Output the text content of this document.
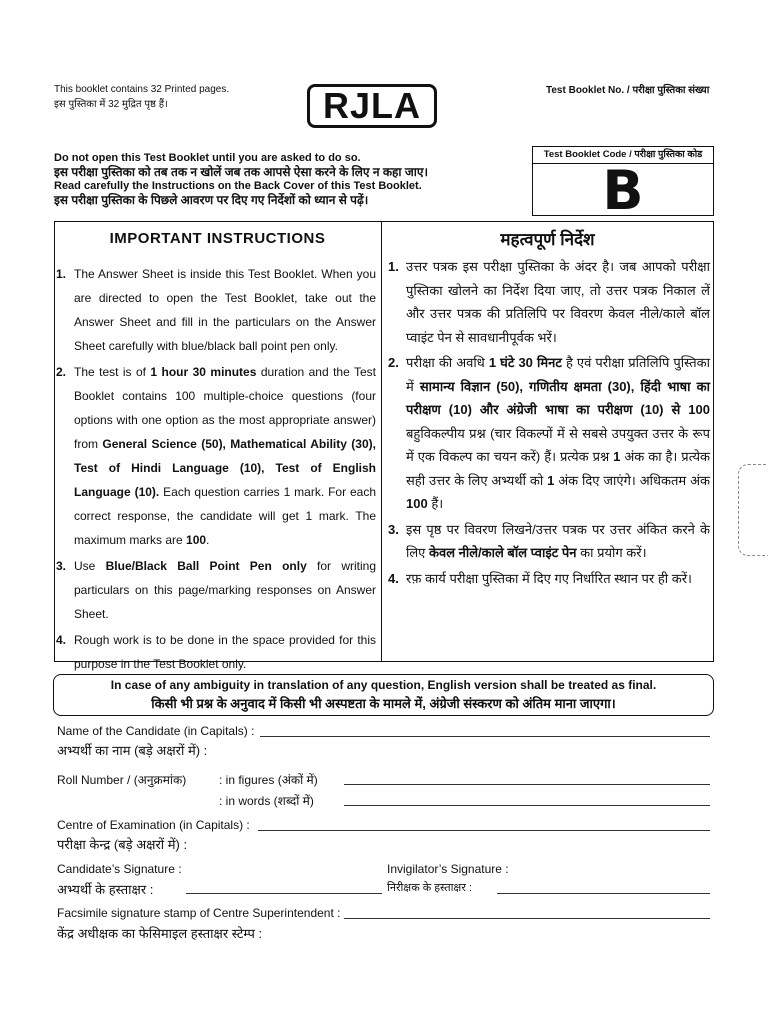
This booklet contains 32 Printed pages.
इस पुस्तिका में 32 मुद्रित पृष्ठ हैं।	RJLA	Test Booklet No. / परीक्षा पुस्तिका संख्या
Do not open this Test Booklet until you are asked to do so.
इस परीक्षा पुस्तिका को तब तक न खोलें जब तक आपसे ऐसा करने के लिए न कहा जाए।
Read carefully the Instructions on the Back Cover of this Test Booklet.
इस परीक्षा पुस्तिका के पिछले आवरण पर दिए गए निर्देशों को ध्यान से पढ़ें।
Test Booklet Code / परीक्षा पुस्तिका कोड
B
IMPORTANT INSTRUCTIONS	महत्वपूर्ण निर्देश
1. The Answer Sheet is inside this Test Booklet. When you are directed to open the Test Booklet, take out the Answer Sheet and fill in the particulars on the Answer Sheet carefully with blue/black ball point pen only.
2. The test is of 1 hour 30 minutes duration and the Test Booklet contains 100 multiple-choice questions (four options with one option as the most appropriate answer) from General Science (50), Mathematical Ability (30), Test of Hindi Language (10), Test of English Language (10). Each question carries 1 mark. For each correct response, the candidate will get 1 mark. The maximum marks are 100.
3. Use Blue/Black Ball Point Pen only for writing particulars on this page/marking responses on Answer Sheet.
4. Rough work is to be done in the space provided for this purpose in the Test Booklet only.
1. उत्तर पत्रक इस परीक्षा पुस्तिका के अंदर है। जब आपको परीक्षा पुस्तिका खोलने का निर्देश दिया जाए, तो उत्तर पत्रक निकाल लें और उत्तर पत्रक की प्रतिलिपि पर विवरण केवल नीले/काले बॉल प्वाइंट पेन से सावधानीपूर्वक भरें।
2. परीक्षा की अवधि 1 घंटे 30 मिनट है एवं परीक्षा प्रतिलिपि पुस्तिका में सामान्य विज्ञान (50), गणितीय क्षमता (30), हिंदी भाषा का परीक्षण (10) और अंग्रेजी भाषा का परीक्षण (10) से 100 बहुविकल्पीय प्रश्न (चार विकल्पों में से सबसे उपयुक्त उत्तर के रूप में एक विकल्प का चयन करें) हैं। प्रत्येक प्रश्न 1 अंक का है। प्रत्येक सही उत्तर के लिए अभ्यर्थी को 1 अंक दिए जाएंगे। अधिकतम अंक 100 हैं।
3. इस पृष्ठ पर विवरण लिखने/उत्तर पत्रक पर उत्तर अंकित करने के लिए केवल नीले/काले बॉल प्वाइंट पेन का प्रयोग करें।
4. रफ़ कार्य परीक्षा पुस्तिका में दिए गए निर्धारित स्थान पर ही करें।
In case of any ambiguity in translation of any question, English version shall be treated as final.
किसी भी प्रश्न के अनुवाद में किसी भी अस्पष्टता के मामले में, अंग्रेजी संस्करण को अंतिम माना जाएगा।
Name of the Candidate (in Capitals) :
अभ्यर्थी का नाम (बड़े अक्षरों में) :
Roll Number / (अनुक्रमांक)	: in figures (अंकों में)
: in words (शब्दों में)
Centre of Examination (in Capitals) :
परीक्षा केन्द्र (बड़े अक्षरों में) :
Candidate’s Signature :
अभ्यर्थी के हस्ताक्षर :
Invigilator’s Signature :
निरीक्षक के हस्ताक्षर :
Facsimile signature stamp of Centre Superintendent :
केंद्र अधीक्षक का फेसिमाइल हस्ताक्षर स्टेम्प :
